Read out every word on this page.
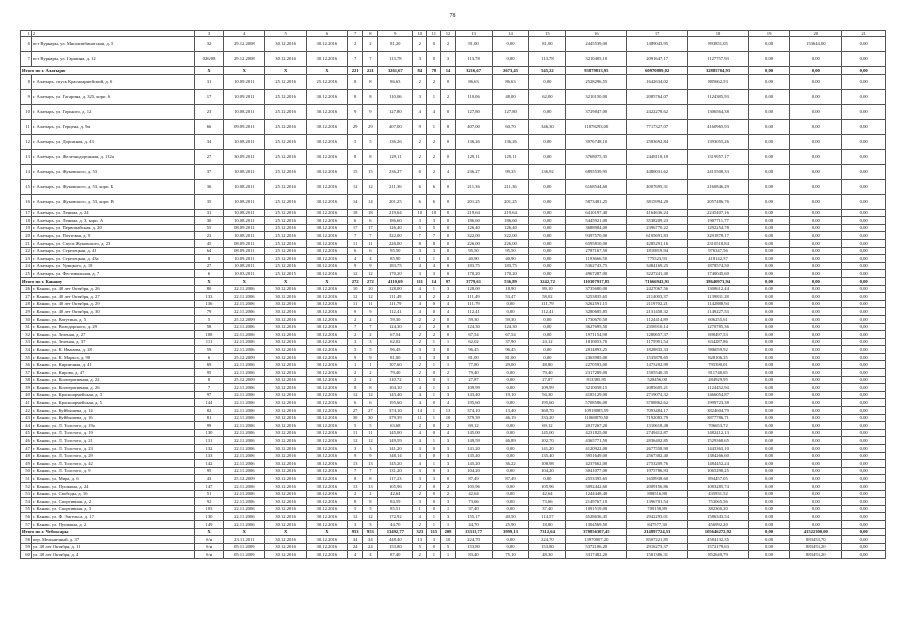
78
1	2	3	4	5	6	7	8	9	10	11	12	13	14	15	16	17	18	19	20	21
6	пгт Вурнары, ул. Мясокомбинатская, д. 5	32	29.12.2008	30.12.2016	30.12.2016	2	2	81,20	2	0	2	81,00	0,00	81,00	2445539,00	1489043,95	893851,05	0,00	153644,00	0,00
7	пгт Вурнары, ул. Гаршина, д. 12	026/08	29.12.2008	30.12.2016	30.12.2016	7	7	113,78	3	0	3	113,78	0,00	113,78	3210405,10	2091647,17	1127757,93	0,00	0,00	0,00
Итого по г. Алатырю		X	X	X	X	221	221	3261,67	84	78	14	3216,67	2673,45	545,22	93879813,95	60970809,02	32885704,93	0,00	0,00	0,00
8	г. Алатырь, спуск Красноармейский, д. 6	31	10.09.2011	25.12.2016	25.12.2016	8	8	86,63	2	2	0	86,63	86,63	0,00	2528296,55	1642634,02	885662,53	0,00	0,00	0,00
9	г. Алатырь, ул. Гагарина, д. 325, корп. 6	17	10.09.2011	25.12.2016	30.12.2016	8	8	110,06	3	1	2	110,06	48,00	62,00	3210150,00	2085764,07	1124385,93	0,00	0,00	0,00
10	г. Алатырь, ул. Горького, д. 12	23	10.08.2011	25.12.2016	30.12.2016	9	9	127,80	4	4	0	127,80	127,80	0,00	3729847,00	2422278,62	1306564,38	0,00	0,00	0,00
11	г. Алатырь, ул. Герцена, д. 9м	66	09.09.2011	25.12.2016	30.12.2016	29	29	407,00	9	1	8	407,00	60,70	346,30	11878293,00	7717327,07	4160965,93	0,00	0,00	0,00
12	г. Алатырь, ул. Дорожная, д. 43	34	10.08.2011	25.12.2016	30.12.2016	5	5	136,26	2	2	0	136,26	136,26	0,00	3976748,10	2583692,84	1393055,26	0,00	0,00	0,00
13	г. Алатырь, ул. Железнодорожная, д. 112а	27	30.09.2011	25.12.2016	30.12.2016	8	8	129,11	2	2	0	129,11	129,11	0,00	3768075,35	2448118,18	1319957,17	0,00	0,00	0,00
14	г. Алатырь, ул. Жуковского, д. 53	37	10.08.2011	25.12.2016	30.12.2016	15	15	236,27	6	2	4	236,27	99,35	136,92	6895539,95	4480031,62	2415508,33	0,00	0,00	0,00
15	г. Алатырь, ул. Жуковского, д. 53, корп. Б	36	10.08.2011	25.12.2016	30.12.2016	12	12	211,36	6	6	0	211,36	211,36	0,00	6168544,60	4007695,31	2160846,29	0,00	0,00	0,00
16	г. Алатырь, ул. Жуковского, д. 53, корп. В	35	10.08.2011	25.12.2016	30.12.2016	14	14	201,25	6	6	0	201,25	201,25	0,00	5873481,25	3815994,20	2057486,76	0,00	0,00	0,00
17	г. Алатырь, ул. Ленина, д. 24	31	10.08.2011	25.12.2016	30.12.2016	18	18	219,64	10	10	0	219,64	219,64	0,00	6410197,40	4164636,24	2245407,16	0,00	0,00	0,00
18	г. Алатырь, ул. Ленина, д. 3, корп. А	30	10.08.2011	25.12.2016	30.12.2016	6	6	186,60	3	3	0	186,60	186,60	0,00	5445921,00	3538209,23	1907711,77	0,00	0,00	0,00
19	г. Алатырь, ул. Первомайская, д. 20	55	08.09.2011	25.12.2016	30.12.2016	17	17	126,40	5	5	0	126,40	126,40	0,00	3688984,00	2396770,22	1292254,78	0,00	0,00	0,00
20	г. Алатырь, ул. Почтовая, д. 9	23	10.08.2011	25.12.2016	30.12.2016	7	7	322,00	7	7	0	322,00	322,00	0,00	9397570,00	6105691,83	3291878,17	0,00	0,00	0,00
21	г. Алатырь, ул. Спуск Жуковского, д. 23	45	08.09.2011	25.12.2016	30.12.2016	11	11	226,00	8	8	0	226,00	226,00	0,00	6595810,00	4285291,16	2310518,84	0,00	0,00	0,00
22	г. Алатырь, ул. Стрелецкая, д. 41	64	08.09.2011	25.12.2016	30.12.2016	6	6	95,50	3	3	0	95,50	95,50	0,00	2787167,50	1810819,94	976347,56	0,00	0,00	0,00
23	г. Алатырь, ул. Стрелецкая, д. 43а	8	10.09.2011	25.12.2016	30.12.2016	4	4	85,90	1	1	0	40,90	40,90	0,00	1193666,50	775523,93	418142,57	0,00	0,00	0,00
24	г. Алатырь, ул. Урицкого, д. 18	27	10.08.2011	25.12.2016	30.12.2016	9	9	183,75	4	4	0	183,75	183,75	0,00	5362743,75	3484169,25	1878574,50	0,00	0,00	0,00
25	г. Алатырь, ул. Фестивальная, д. 7	6	10.03.2011	25.12.2015	30.12.2016	12	12	170,20	3	3	0	170,20	170,20	0,00	4967287,00	3227241,40	1740045,60	0,00	0,00	0,00
Итого по г. Канашу		X	X	X	X	272	272	4110,69	111	14	97	3779,61	536,89	3242,72	110307917,85	71666943,91	38640973,94	0,00	0,00	0,00
26	г. Канаш, ул. 40 лет Октября, д. 26	80	22.11.2006	30.12.2016	30.12.2016	10	10	128,00	4	1	3	128,00	18,90	89,10	3735680,00	2427067,56	1308612,44	0,00	0,00	0,00
27	г. Канаш, ул. 40 лет Октября, д. 27	133	22.11.2006	30.12.2016	30.12.2016	12	12	111,49	4	2	2	111,49	53,47	58,02	3253835,65	2114003,37	1139831,28	0,00	0,00	0,00
28	г. Канаш, ул. 40 лет Октября, д. 29	136	22.11.2006	30.12.2016	30.12.2016	11	11	111,79	4	0	4	111,79	0,00	111,79	3262591,15	2119702,21	1142888,94	0,00	0,00	0,00
29	г. Канаш, ул. 40 лет Октября, д. 30	79	22.11.2006	30.12.2016	30.12.2016	9	9	112,41	4	0	4	112,41	0,00	112,41	3280685,85	2131458,32	1149227,53	0,00	0,00	0,00
30	г. Канаш, ул. Ватутина, д. 5	5	25.12.2009	30.12.2016	30.12.2016	2	2	59,30	2	2	0	59,30	59,30	0,00	1730670,50	1124414,89	606255,61	0,00	0,00	0,00
31	г. Канаш, ул. Володарского, д. 29	58	22.11.2006	30.12.2016	30.12.2016	7	7	124,30	2	2	0	124,30	124,30	0,00	3627695,50	2356910,14	1270785,36	0,00	0,00	0,00
32	г. Канаш, ул. Зеленая, д. 27	108	22.11.2006	30.12.2016	30.12.2016	2	2	67,54	2	2	0	67,54	67,54	0,00	1971154,90	1280657,37	690497,53	0,00	0,00	0,00
33	г. Канаш, ул. Зеленая, д. 37	111	22.11.2006	30.12.2016	30.12.2016	3	3	62,02	2	1	1	62,02	37,90	24,12	1810053,70	1175991,54	634287,86	0,00	0,00	0,00
34	г. Канаш, ул. К. Иванова, д. 28	59	22.11.2006	30.12.2016	30.12.2016	5	5	96,45	3	3	0	96,45	96,45	0,00	2814893,25	1828833,33	986059,92	0,00	0,00	0,00
35	г. Канаш, ул. К. Маркса, д. 90	6	25.12.2009	30.12.2016	30.12.2016	9	9	81,00	3	3	0	81,00	81,00	0,00	2363985,00	1535878,65	828106,35	0,00	0,00	0,00
36	г. Канаш, ул. Кирпичная, д. 41	69	22.11.2006	30.12.2016	30.12.2016	1	1	107,60	2	1	1	77,80	29,00	48,80	2270593,00	1475202,99	795390,01	0,00	0,00	0,00
37	г. Канаш, ул. Кирова, д. 47	95	22.11.2006	30.12.2016	30.12.2016	2	2	79,40	2	0	2	79,40	0,00	79,40	2317289,00	1505540,35	811748,65	0,00	0,00	0,00
38	г. Канаш, ул. Кооперативная, д. 22	8	25.12.2009	30.12.2016	30.12.2016	2	2	110,72	1	0	1	27,87	0,00	27,87	813385,95	528456,00	284929,95	0,00	0,00	0,00
39	г. Канаш, ул. Кооперативная, д. 26	7	22.11.2006	30.12.2016	30.12.2016	8	8	104,10	4	1	3	109,99	0,00	109,99	3210058,15	2085605,21	1124452,94	0,00	0,00	0,00
40	г. Канаш, ул. Красноармейская, д. 3	97	22.11.2006	30.12.2016	30.12.2016	12	12	143,40	4	1	3	143,40	19,10	94,30	4185129,00	2719074,32	1466054,87	0,00	0,00	0,00
41	г. Канаш, ул. Красноармейская, д. 5	144	22.11.2006	30.12.2016	30.12.2016	6	6	195,60	4	0	4	195,60	0,00	195,60	5708586,00	3708862,62	1999723,38	0,00	0,00	0,00
42	г. Канаш, ул. Куйбышева, д. 14	82	22.11.2006	30.12.2016	30.12.2016	27	27	374,10	14	1	13	374,10	13,40	360,70	10918085,59	7093484,17	3824604,79	0,00	0,00	0,00
43	г. Канаш, ул. Куйбышева, д. 16	81	22.11.2006	30.12.2016	30.12.2016	30	30	379,39	11	1	10	379,39	46,19	333,20	11068870,50	7192083,79	3877786,71	0,00	0,00	0,00
44	г. Канаш, ул. Л. Толстого, д. 19а	99	22.11.2006	30.12.2016	30.12.2016	5	5	63,68	2	0	2	69,12	0,00	69,12	2017267,20	1310618,48	706653,72	0,00	0,00	0,00
45	г. Канаш, ул. Л. Толстого, д. 19	130	22.11.2006	30.12.2016	30.12.2016	11	11	145,00	4	0	4	145,00	0,00	145,00	4231825,00	2749412,87	1482412,13	0,00	0,00	0,00
46	г. Канаш, ул. Л. Толстого, д. 21	131	22.11.2006	30.12.2016	30.12.2016	12	12	149,59	4	1	3	149,59	46,89	102,70	4365771,50	2836402,85	1529368,65	0,00	0,00	0,00
47	г. Канаш, ул. Л. Толстого, д. 23	132	22.11.2006	30.12.2016	30.12.2016	3	3	141,20	3	0	3	141,20	0,00	141,20	4120922,00	2677558,90	1443363,10	0,00	0,00	0,00
48	г. Канаш, ул. Л. Толстого, д. 29	133	22.11.2006	30.12.2016	30.12.2016	9	9	148,14	3	0	3	135,40	0,00	135,40	3951649,00	2567382,40	1384266,60	0,00	0,00	0,00
49	г. Канаш, ул. Л. Толстого, д. 42	142	22.11.2006	30.12.2016	30.12.2016	13	13	145,20	4	1	3	145,20	36,22	108,98	4237662,00	2753209,76	1484452,24	0,00	0,00	0,00
50	г. Канаш, ул. Л. Толстого, д. 9	95	22.11.2006	30.12.2016	30.12.2016	7	7	131,20	3	0	3	104,20	0,00	104,20	3041077,00	1975786,93	1065290,25	0,00	0,00	0,00
51	г. Канаш, ул. Мира, д. 6	43	25.12.2009	30.12.2016	30.12.2016	8	8	117,23	3	3	0	87,49	87,49	0,00	2553395,65	1658938,60	894457,05	0,00	0,00	0,00
52	г. Канаш, ул. Пушкина, д. 24	147	22.11.2006	30.12.2016	30.12.2016	13	13	105,96	2	0	2	105,96	0,00	105,96	3092442,60	2009156,86	1083285,74	0,00	0,00	0,00
53	г. Канаш, ул. Свободы, д. 16	51	22.11.2006	30.12.2016	30.12.2016	2	2	42,64	2	0	2	42,64	0,00	42,64	1244448,40	808516,88	435931,52	0,00	0,00	0,00
54	г. Канаш, ул. Спортивная, д. 2	92	22.11.2006	30.12.2016	30.12.2016	8	8	84,59	3	0	3	73,66	0,00	73,66	2149767,10	1396701,54	753065,56	0,00	0,00	0,00
55	г. Канаш, ул. Спортивная, д. 3	103	22.11.2006	30.12.2016	30.12.2016	5	5	85,51	1	0	1	37,40	0,00	37,40	1091519,00	709158,89	382360,20	0,00	0,00	0,00
56	г. Канаш, ул. Ф. Энгельса, д. 17	130	22.11.2006	30.12.2016	30.12.2016	12	12	172,92	4	1	3	155,17	40,50	114,57	4528636,45	2942293,01	1586343,54	0,00	0,00	0,00
57	г. Канаш, ул. Пушкина, д. 2	149	22.11.2006	30.12.2016	30.12.2016	3	3	44,70	2	1	1	44,70	25,90	18,80	1304569,50	847577,30	456992,20	0,00	0,00	0,00
Итого по г. Чебоксары		X	X	X	X	953	953	13492,77	323	115	208	13311,77	3999,13	7312,64	370856307,45	214897724,53	105646272,92	0,00	41522300,00	0,00
58	пер. Мельничный, д. 37	б/н	23.11.2011	30.12.2016	30.12.2016	34	34	448,40	13	3	10	224,70	0,00	224,70	13970007,20	8507221,85	4584132,35	0,00	883453,70	0,00
59	ул. 40 лет Октября, д. 11	б/н	05.11.2009	30.12.2016	30.12.2016	24	24	153,80	5	0	5	153,80	0,00	153,80	5372106,20	2916273,37	1572179,63	0,00	883453,20	0,00
60	ул. 40 лет Октября, д. 4	б/н	05.11.2009	30.12.2016	30.12.2016	4	4	87,40	2	1	1	83,40	75,10	48,30	3317482,20	1581386,31	852640,79	0,00	883453,20	0,00
